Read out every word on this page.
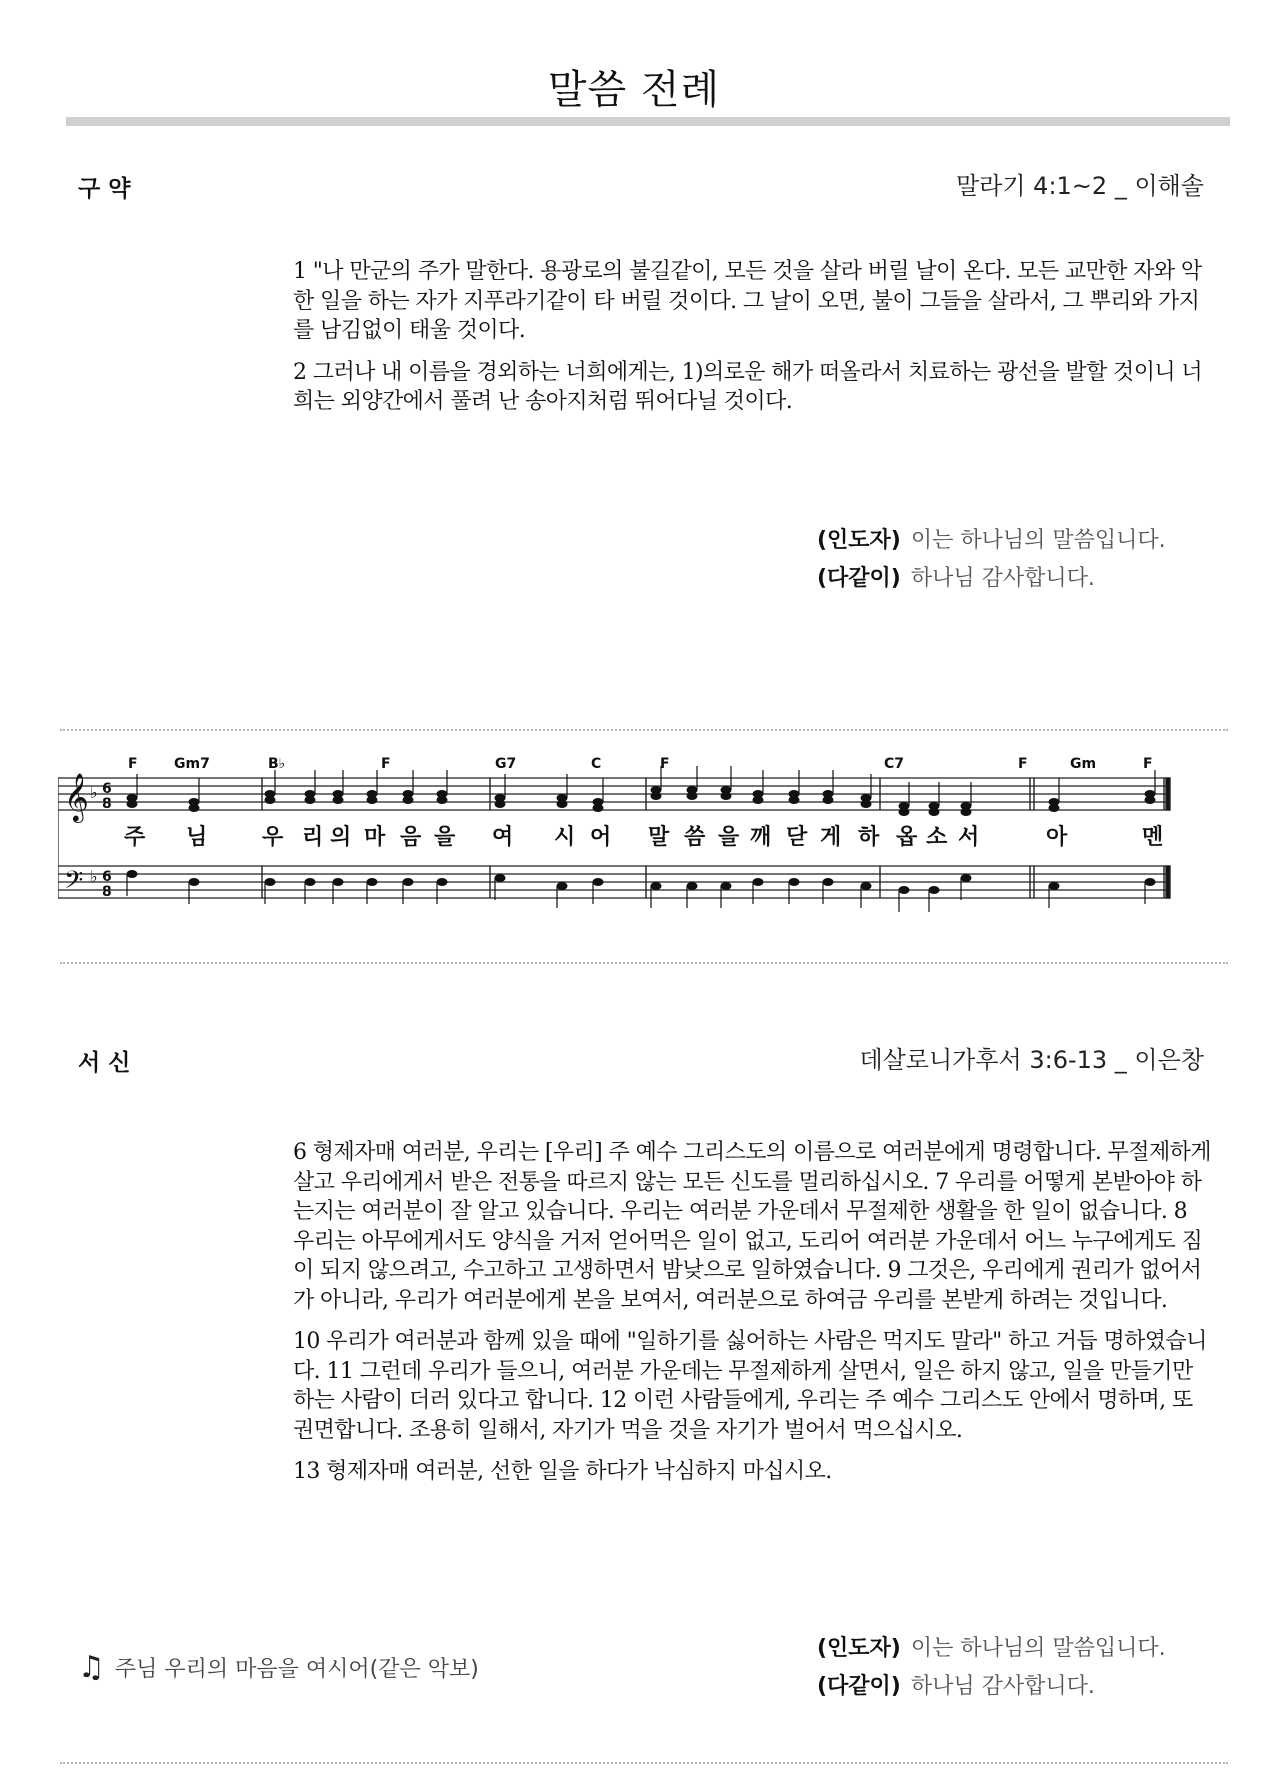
말씀 전례
구 약	말라기 4:1~2 _ 이해솔

1 "나 만군의 주가 말한다. 용광로의 불길같이, 모든 것을 살라 버릴 날이 온다. 모든 교만한 자와 악한 일을 하는 자가 지푸라기같이 타 버릴 것이다. 그 날이 오면, 불이 그들을 살라서, 그 뿌리와 가지를 남김없이 태울 것이다.

2 그러나 내 이름을 경외하는 너희에게는, 1)의로운 해가 떠올라서 치료하는 광선을 발할 것이니 너희는 외양간에서 풀려 난 송아지처럼 뛰어다닐 것이다.

(인도자) 이는 하나님의 말씀입니다.
(다같이) 하나님 감사합니다.
F	Gm7	B♭	F	G7	C	F	C7	F	Gm	F
𝄞
𝄢
♭
♭
6
8
6
8
주 님 우 리 의 마 음 을 여 시 어 말 씀 을 깨 닫 게 하 옵 소 서	아	멘
서 신	데살로니가후서 3:6-13 _ 이은창

6 형제자매 여러분, 우리는 [우리] 주 예수 그리스도의 이름으로 여러분에게 명령합니다. 무절제하게 살고 우리에게서 받은 전통을 따르지 않는 모든 신도를 멀리하십시오. 7 우리를 어떻게 본받아야 하는지는 여러분이 잘 알고 있습니다. 우리는 여러분 가운데서 무절제한 생활을 한 일이 없습니다. 8 우리는 아무에게서도 양식을 거저 얻어먹은 일이 없고, 도리어 여러분 가운데서 어느 누구에게도 짐이 되지 않으려고, 수고하고 고생하면서 밤낮으로 일하였습니다. 9 그것은, 우리에게 권리가 없어서가 아니라, 우리가 여러분에게 본을 보여서, 여러분으로 하여금 우리를 본받게 하려는 것입니다.

10 우리가 여러분과 함께 있을 때에 "일하기를 싫어하는 사람은 먹지도 말라" 하고 거듭 명하였습니다. 11 그런데 우리가 들으니, 여러분 가운데는 무절제하게 살면서, 일은 하지 않고, 일을 만들기만 하는 사람이 더러 있다고 합니다. 12 이런 사람들에게, 우리는 주 예수 그리스도 안에서 명하며, 또 권면합니다. 조용히 일해서, 자기가 먹을 것을 자기가 벌어서 먹으십시오.

13 형제자매 여러분, 선한 일을 하다가 낙심하지 마십시오.

♫ 주님 우리의 마음을 여시어(같은 악보)
(인도자) 이는 하나님의 말씀입니다.
(다같이) 하나님 감사합니다.
